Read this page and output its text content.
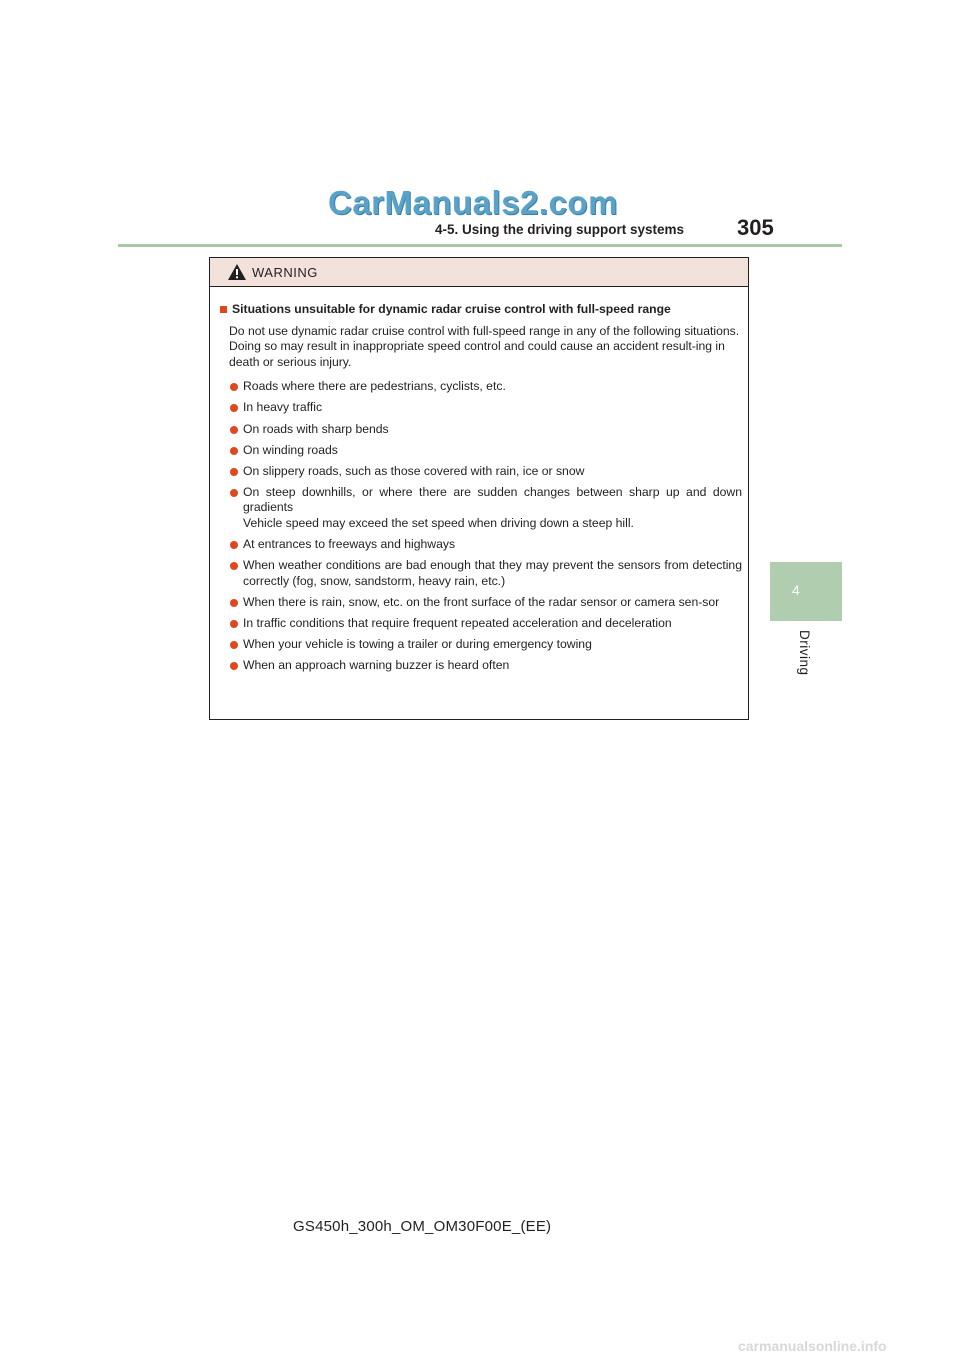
CarManuals2.com
4-5. Using the driving support systems 305
4
Driving
WARNING
Situations unsuitable for dynamic radar cruise control with full-speed range
Do not use dynamic radar cruise control with full-speed range in any of the following situations.
Doing so may result in inappropriate speed control and could cause an accident result-ing in death or serious injury.
Roads where there are pedestrians, cyclists, etc.
In heavy traffic
On roads with sharp bends
On winding roads
On slippery roads, such as those covered with rain, ice or snow
On steep downhills, or where there are sudden changes between sharp up and down gradients
Vehicle speed may exceed the set speed when driving down a steep hill.
At entrances to freeways and highways
When weather conditions are bad enough that they may prevent the sensors from detecting correctly (fog, snow, sandstorm, heavy rain, etc.)
When there is rain, snow, etc. on the front surface of the radar sensor or camera sen-sor
In traffic conditions that require frequent repeated acceleration and deceleration
When your vehicle is towing a trailer or during emergency towing
When an approach warning buzzer is heard often
GS450h_300h_OM_OM30F00E_(EE)
carmanualsonline.info
